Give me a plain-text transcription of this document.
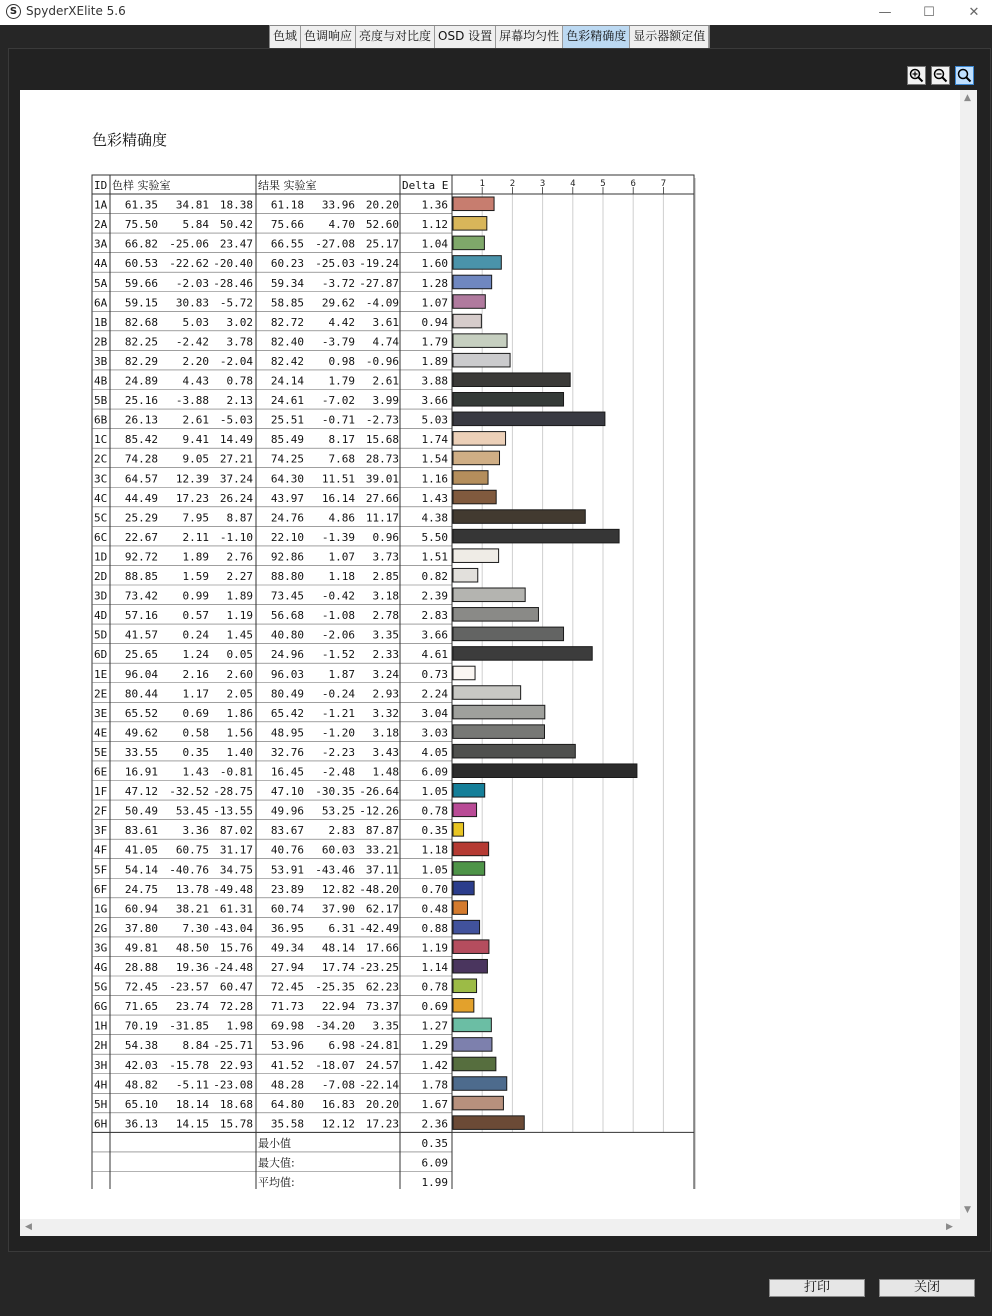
S SpyderXElite 5.6	—	☐	✕
色域 色调响应 亮度与对比度 OSD 设置 屏幕均匀性 色彩精确度 显示器额定值
▲
▼
◀	▶
色彩精确度
ID 色样 实验室	结果 实验室	Delta E	1	2	3	4	5	6	7
1A 61.35 34.81 18.38 61.18 33.96 20.20 1.36
2A 75.50 5.84 50.42 75.66 4.70 52.60 1.12
3A 66.82 -25.06 23.47 66.55 -27.08 25.17 1.04
4A 60.53 -22.62 -20.40 60.23 -25.03 -19.24 1.60
5A 59.66 -2.03 -28.46 59.34 -3.72 -27.87 1.28
6A 59.15 30.83 -5.72 58.85 29.62 -4.09 1.07
1B 82.68 5.03 3.02 82.72 4.42 3.61 0.94
2B 82.25 -2.42 3.78 82.40 -3.79 4.74 1.79
3B 82.29 2.20 -2.04 82.42 0.98 -0.96 1.89
4B 24.89 4.43 0.78 24.14 1.79 2.61 3.88
5B 25.16 -3.88 2.13 24.61 -7.02 3.99 3.66
6B 26.13 2.61 -5.03 25.51 -0.71 -2.73 5.03
1C 85.42 9.41 14.49 85.49 8.17 15.68 1.74
2C 74.28 9.05 27.21 74.25 7.68 28.73 1.54
3C 64.57 12.39 37.24 64.30 11.51 39.01 1.16
4C 44.49 17.23 26.24 43.97 16.14 27.66 1.43
5C 25.29 7.95 8.87 24.76 4.86 11.17 4.38
6C 22.67 2.11 -1.10 22.10 -1.39 0.96 5.50
1D 92.72 1.89 2.76 92.86 1.07 3.73 1.51
2D 88.85 1.59 2.27 88.80 1.18 2.85 0.82
3D 73.42 0.99 1.89 73.45 -0.42 3.18 2.39
4D 57.16 0.57 1.19 56.68 -1.08 2.78 2.83
5D 41.57 0.24 1.45 40.80 -2.06 3.35 3.66
6D 25.65 1.24 0.05 24.96 -1.52 2.33 4.61
1E 96.04 2.16 2.60 96.03 1.87 3.24 0.73
2E 80.44 1.17 2.05 80.49 -0.24 2.93 2.24
3E 65.52 0.69 1.86 65.42 -1.21 3.32 3.04
4E 49.62 0.58 1.56 48.95 -1.20 3.18 3.03
5E 33.55 0.35 1.40 32.76 -2.23 3.43 4.05
6E 16.91 1.43 -0.81 16.45 -2.48 1.48 6.09
1F 47.12 -32.52 -28.75 47.10 -30.35 -26.64 1.05
2F 50.49 53.45 -13.55 49.96 53.25 -12.26 0.78
3F 83.61 3.36 87.02 83.67 2.83 87.87 0.35
4F 41.05 60.75 31.17 40.76 60.03 33.21 1.18
5F 54.14 -40.76 34.75 53.91 -43.46 37.11 1.05
6F 24.75 13.78 -49.48 23.89 12.82 -48.20 0.70
1G 60.94 38.21 61.31 60.74 37.90 62.17 0.48
2G 37.80 7.30 -43.04 36.95 6.31 -42.49 0.88
3G 49.81 48.50 15.76 49.34 48.14 17.66 1.19
4G 28.88 19.36 -24.48 27.94 17.74 -23.25 1.14
5G 72.45 -23.57 60.47 72.45 -25.35 62.23 0.78
6G 71.65 23.74 72.28 71.73 22.94 73.37 0.69
1H 70.19 -31.85 1.98 69.98 -34.20 3.35 1.27
2H 54.38 8.84 -25.71 53.96 6.98 -24.81 1.29
3H 42.03 -15.78 22.93 41.52 -18.07 24.57 1.42
4H 48.82 -5.11 -23.08 48.28 -7.08 -22.14 1.78
5H 65.10 18.14 18.68 64.80 16.83 20.20 1.67
6H 36.13 14.15 15.78 35.58 12.12 17.23 2.36
最小值	0.35
最大值:	6.09
平均值:	1.99
打印	关闭
